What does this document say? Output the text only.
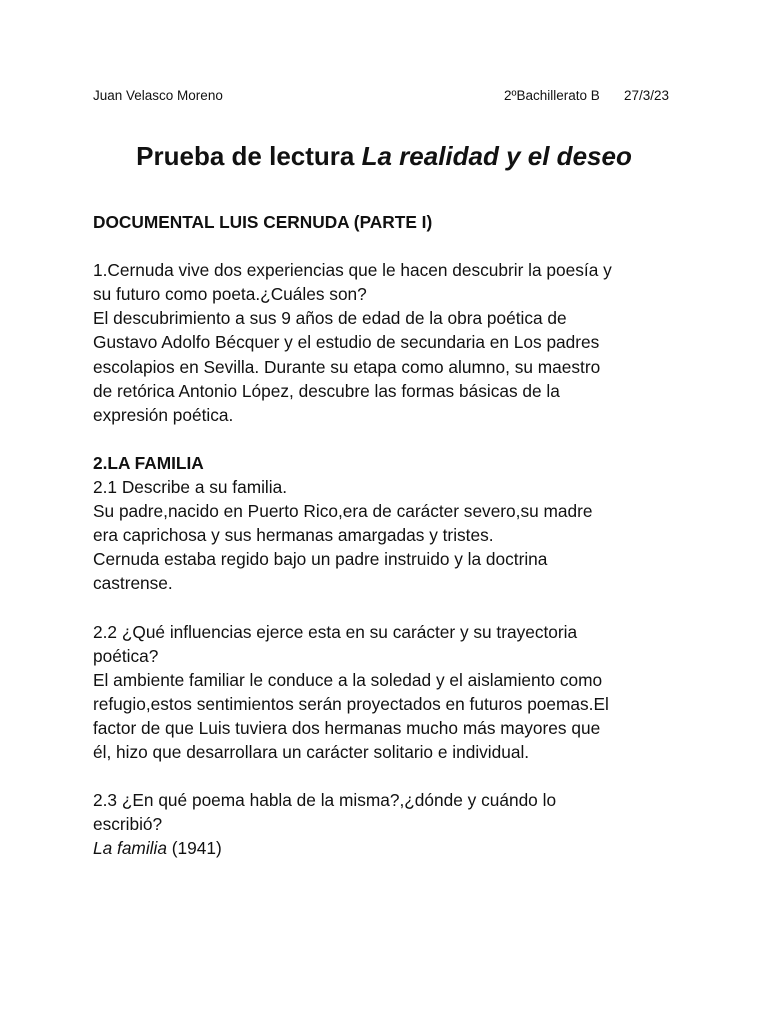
Juan Velasco Moreno	2ºBachillerato B 27/3/23
Prueba de lectura La realidad y el deseo

DOCUMENTAL LUIS CERNUDA (PARTE I)

1.Cernuda vive dos experiencias que le hacen descubrir la poesía y

su futuro como poeta.¿Cuáles son?

El descubrimiento a sus 9 años de edad de la obra poética de

Gustavo Adolfo Bécquer y el estudio de secundaria en Los padres

escolapios en Sevilla. Durante su etapa como alumno, su maestro

de retórica Antonio López, descubre las formas básicas de la

expresión poética.

2.LA FAMILIA

2.1 Describe a su familia.

Su padre,nacido en Puerto Rico,era de carácter severo,su madre

era caprichosa y sus hermanas amargadas y tristes.

Cernuda estaba regido bajo un padre instruido y la doctrina

castrense.

2.2 ¿Qué influencias ejerce esta en su carácter y su trayectoria

poética?

El ambiente familiar le conduce a la soledad y el aislamiento como

refugio,estos sentimientos serán proyectados en futuros poemas.El

factor de que Luis tuviera dos hermanas mucho más mayores que

él, hizo que desarrollara un carácter solitario e individual.

2.3 ¿En qué poema habla de la misma?,¿dónde y cuándo lo

escribió?

La familia (1941)
